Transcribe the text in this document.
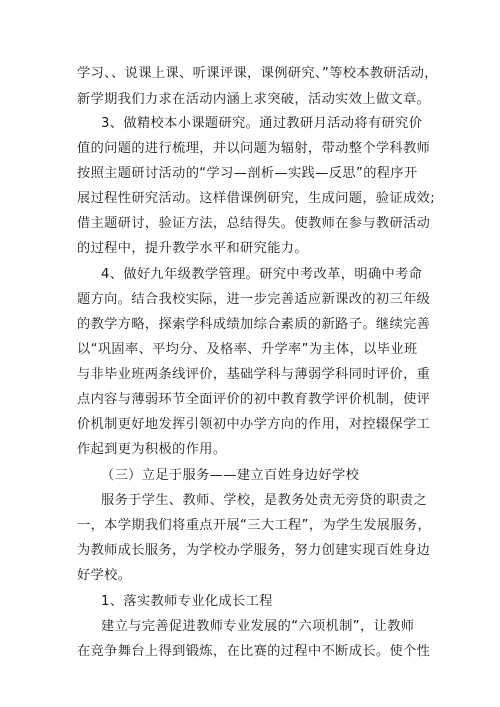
学习、、说课上课、听课评课，课例研究、”等校本教研活动，
新学期我们力求在活动内涵上求突破，活动实效上做文章。
3、做精校本小课题研究。通过教研月活动将有研究价
值的问题的进行梳理，并以问题为辐射，带动整个学科教师
按照主题研讨活动的“学习—剖析—实践—反思”的程序开
展过程性研究活动。这样借课例研究，生成问题，验证成效;
借主题研讨，验证方法，总结得失。使教师在参与教研活动
的过程中，提升教学水平和研究能力。
4、做好九年级教学管理。研究中考改革，明确中考命
题方向。结合我校实际，进一步完善适应新课改的初三年级
的教学方略，探索学科成绩加综合素质的新路子。继续完善
以“巩固率、平均分、及格率、升学率”为主体，以毕业班
与非毕业班两条线评价，基础学科与薄弱学科同时评价，重
点内容与薄弱环节全面评价的初中教育教学评价机制，使评
价机制更好地发挥引领初中办学方向的作用，对控辍保学工
作起到更为积极的作用。
（三）立足于服务——建立百姓身边好学校
服务于学生、教师、学校，是教务处责无旁贷的职责之
一，本学期我们将重点开展“三大工程”，为学生发展服务，
为教师成长服务，为学校办学服务，努力创建实现百姓身边
好学校。
1、落实教师专业化成长工程
建立与完善促进教师专业发展的“六项机制”，让教师
在竞争舞台上得到锻炼，在比赛的过程中不断成长。使个性
